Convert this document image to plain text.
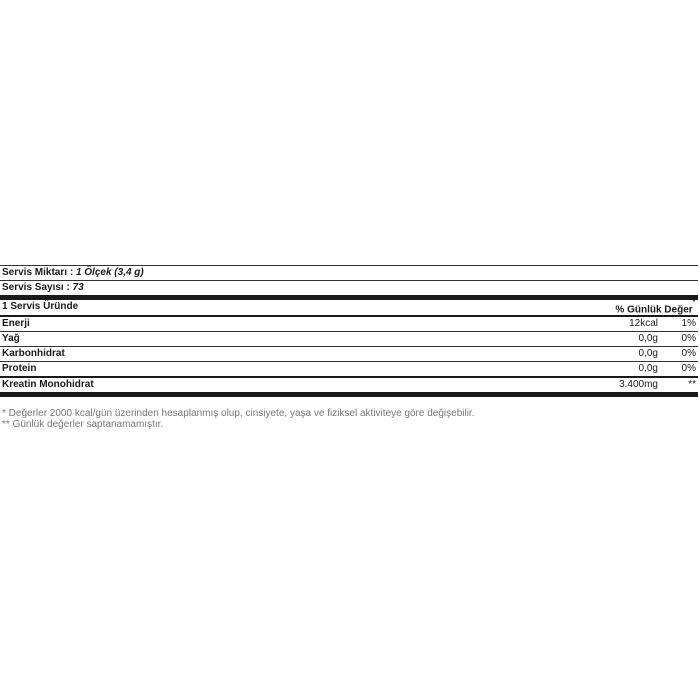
Servis Miktarı : 1 Ölçek (3,4 g)
Servis Sayısı : 73
1 Servis Üründe	% Günlük Değer*
Enerji	12kcal 1%
Yağ	0,0g 0%
Karbonhidrat	0,0g 0%
Protein	0,0g 0%
Kreatin Monohidrat	3.400mg	**
* Değerler 2000 kcal/gün üzerinden hesaplanmış olup, cinsiyete, yaşa ve fiziksel aktiviteye göre değişebilir.
** Günlük değerler saptanamamıştır.
